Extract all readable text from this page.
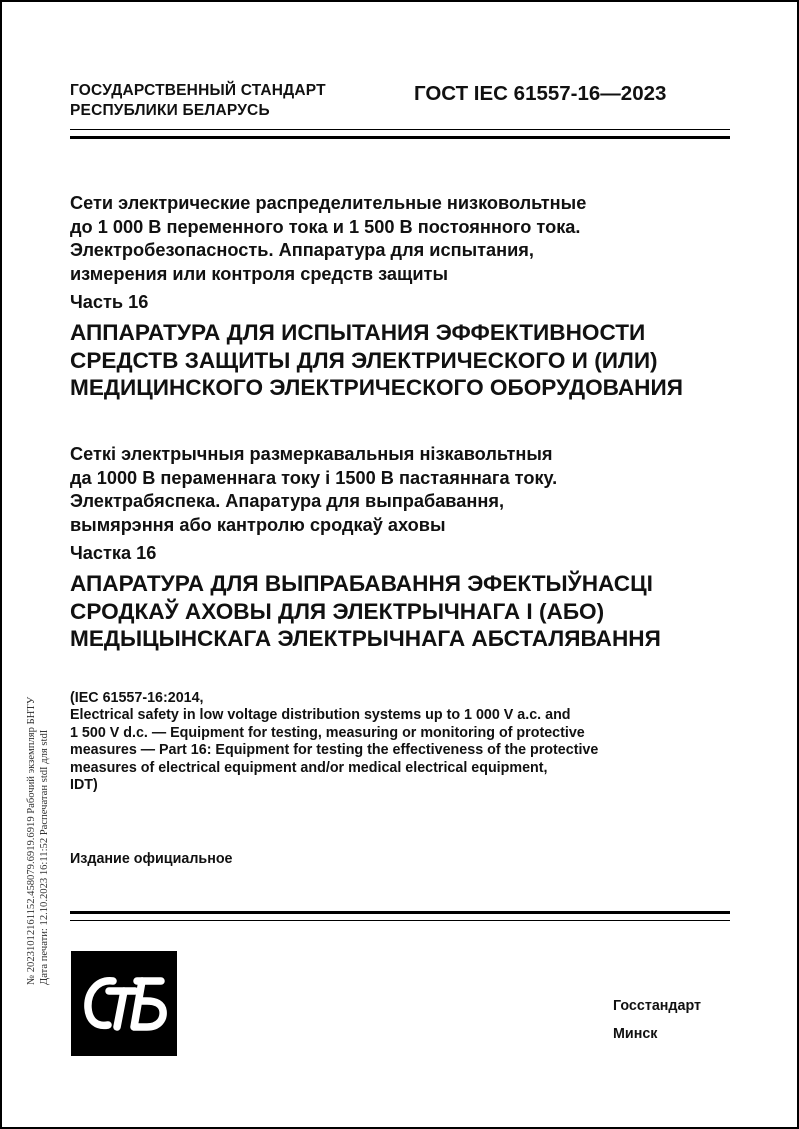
ГОСУДАРСТВЕННЫЙ СТАНДАРТ
РЕСПУБЛИКИ БЕЛАРУСЬ
ГОСТ IEC 61557-16—2023
Сети электрические распределительные низковольтные
до 1 000 В переменного тока и 1 500 В постоянного тока.
Электробезопасность. Аппаратура для испытания,
измерения или контроля средств защиты
Часть 16
АППАРАТУРА ДЛЯ ИСПЫТАНИЯ ЭФФЕКТИВНОСТИ
СРЕДСТВ ЗАЩИТЫ ДЛЯ ЭЛЕКТРИЧЕСКОГО И (ИЛИ)
МЕДИЦИНСКОГО ЭЛЕКТРИЧЕСКОГО ОБОРУДОВАНИЯ
Сеткі электрычныя размеркавальныя нізкавольтныя
да 1000 В пераменнага току і 1500 В пастаяннага току.
Электрабяспека. Апаратура для выпрабавання,
вымярэння або кантролю сродкаў аховы
Частка 16
АПАРАТУРА ДЛЯ ВЫПРАБАВАННЯ ЭФЕКТЫЎНАСЦІ
СРОДКАЎ АХОВЫ ДЛЯ ЭЛЕКТРЫЧНАГА І (АБО)
МЕДЫЦЫНСКАГА ЭЛЕКТРЫЧНАГА АБСТАЛЯВАННЯ
(IEC 61557-16:2014,
Electrical safety in low voltage distribution systems up to 1 000 V a.c. and
1 500 V d.c. — Equipment for testing, measuring or monitoring of protective
measures — Part 16: Equipment for testing the effectiveness of the protective
measures of electrical equipment and/or medical electrical equipment,
IDT)
Издание официальное
Госстандарт
Минск
№ 20231012161152.458079.6919.6919 Рабочий экземпляр БНТУ Дата печати: 12.10.2023 16:11:52 Распечатан stdI для stdI
